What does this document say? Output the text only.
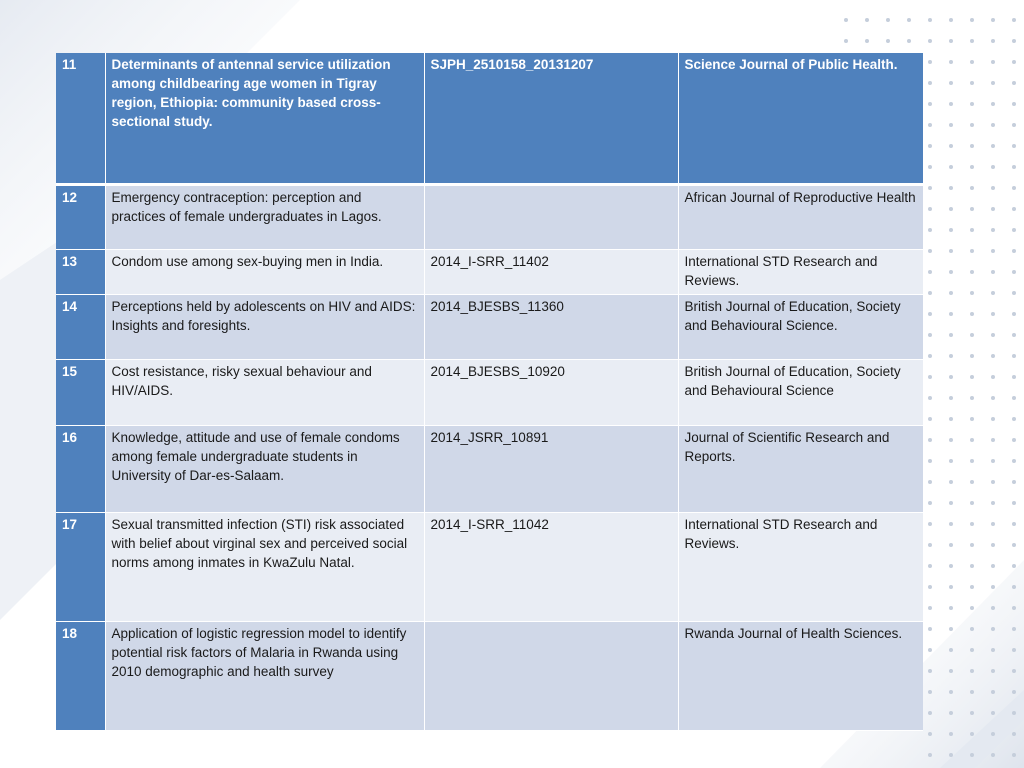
11	Determinants of antennal service utilization among childbearing age women in Tigray region, Ethiopia: community based cross-sectional study.	SJPH_2510158_20131207	Science Journal of Public Health.
12	Emergency contraception: perception and practices of female undergraduates in Lagos.		African Journal of Reproductive Health
13	Condom use among sex-buying men in India.	2014_I-SRR_11402	International STD Research and Reviews.
14	Perceptions held by adolescents on HIV and AIDS: Insights and foresights.	2014_BJESBS_11360	British Journal of Education, Society and Behavioural Science.
15	Cost resistance, risky sexual behaviour and HIV/AIDS.	2014_BJESBS_10920	British Journal of Education, Society and Behavioural Science
16	Knowledge, attitude and use of female condoms among female undergraduate students in University of Dar-es-Salaam.	2014_JSRR_10891	Journal of Scientific Research and Reports.
17	Sexual transmitted infection (STI) risk associated with belief about virginal sex and perceived social norms among inmates in KwaZulu Natal.	2014_I-SRR_11042	International STD Research and Reviews.
18	Application of logistic regression model to identify potential risk factors of Malaria in Rwanda using 2010 demographic and health survey		Rwanda Journal of Health Sciences.
